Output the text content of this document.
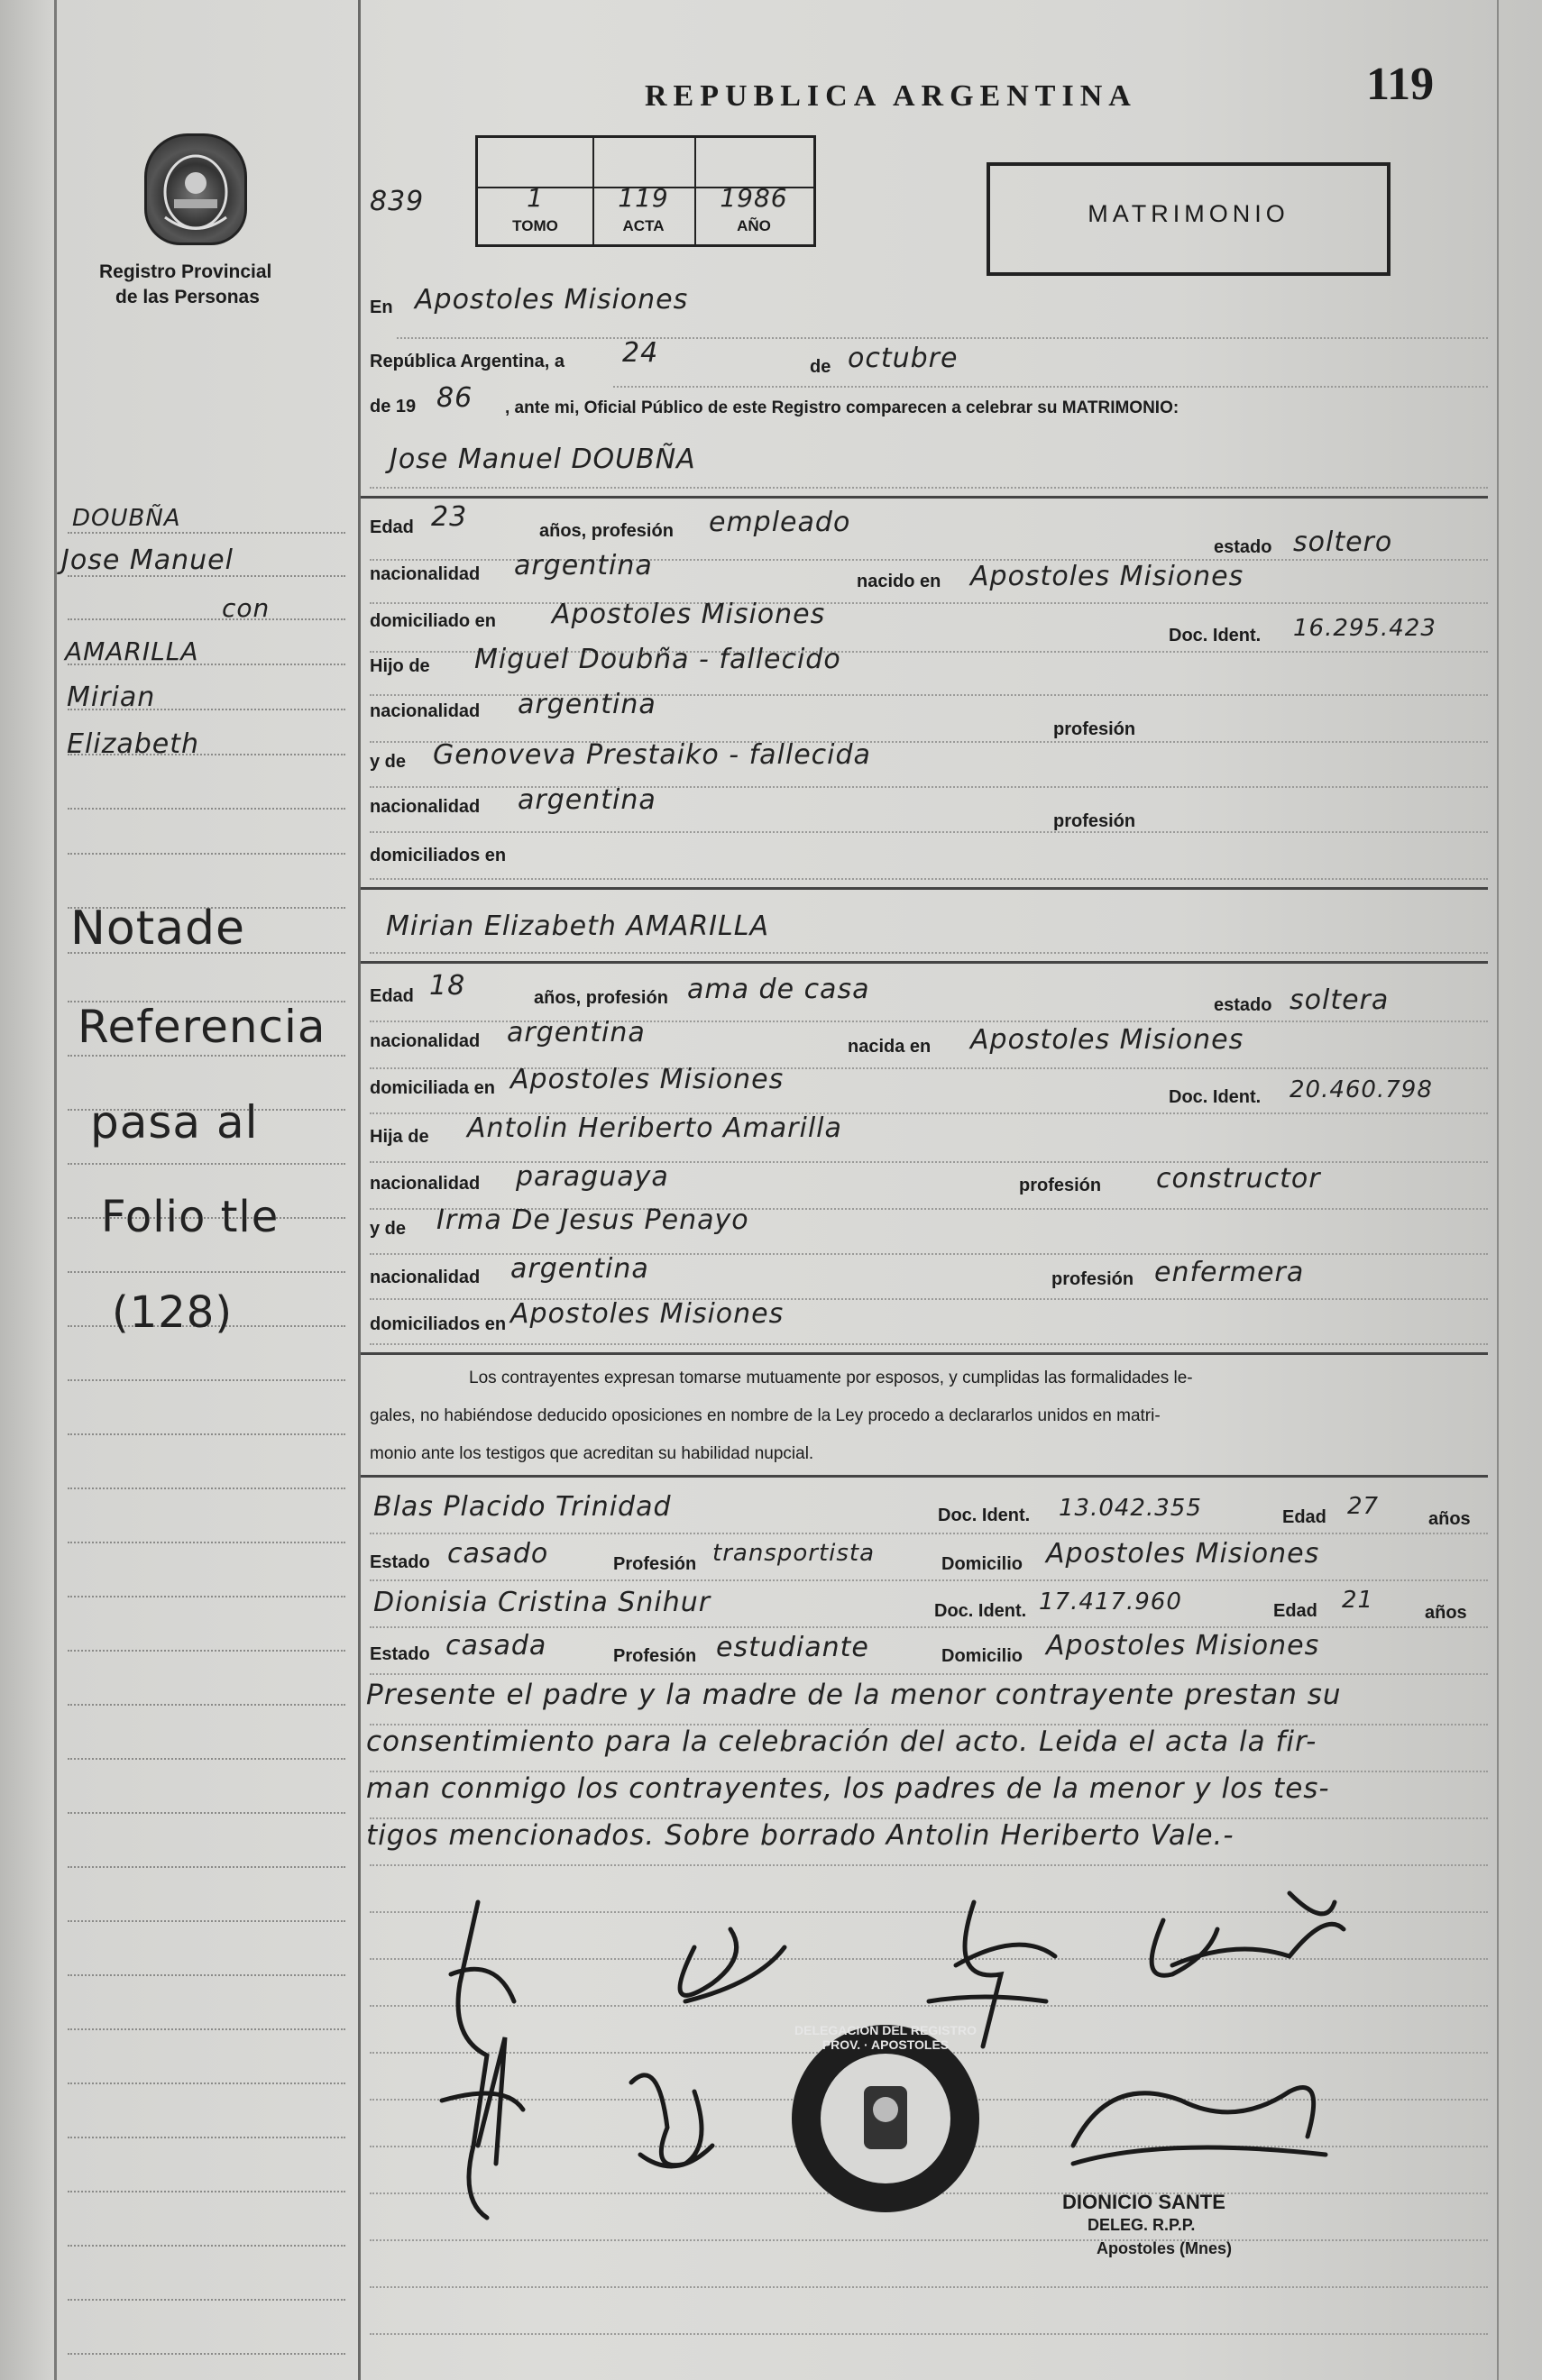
Registro Provincial
de las Personas
DOUBÑA
Jose Manuel
con
AMARILLA
Mirian
Elizabeth
Notade
Referencia
pasa al
Folio tle
(128)
REPUBLICA ARGENTINA	119
839	1	119	1986
TOMO	ACTA	AÑO	MATRIMONIO
En Apostoles Misiones
República Argentina, a 24	de octubre
de 19 86 , ante mi, Oficial Público de este Registro comparecen a celebrar su MATRIMONIO:
Jose Manuel DOUBÑA
Edad 23	años, profesión empleado
estado soltero
nacionalidad argentina	nacido en Apostoles Misiones
domiciliado en Apostoles Misiones
Doc. Ident. 16.295.423
Hijo de Miguel Doubña - fallecido
nacionalidad argentina
profesión
y de Genoveva Prestaiko - fallecida
nacionalidad argentina
profesión
domiciliados en
Mirian Elizabeth AMARILLA
Edad 18	años, profesión ama de casa	estado soltera
nacionalidad argentina	nacida en Apostoles Misiones
domiciliada en Apostoles Misiones
Doc. Ident. 20.460.798
Hija de Antolin Heriberto Amarilla
nacionalidad paraguaya	profesión constructor
y de Irma De Jesus Penayo
nacionalidad argentina	profesión enfermera
domiciliados en Apostoles Misiones
Los contrayentes expresan tomarse mutuamente por esposos, y cumplidas las formalidades le-
gales, no habiéndose deducido oposiciones en nombre de la Ley procedo a declararlos unidos en matri-
monio ante los testigos que acreditan su habilidad nupcial.
Blas Placido Trinidad	Doc. Ident. 13.042.355	Edad 27	años
Estado casado	Profesión transportista	Domicilio Apostoles Misiones
Dionisia Cristina Snihur	Doc. Ident. 17.417.960	Edad 21	años
Estado casada	Profesión estudiante	Domicilio Apostoles Misiones
Presente el padre y la madre de la menor contrayente prestan su
consentimiento para la celebración del acto. Leida el acta la fir-
man conmigo los contrayentes, los padres de la menor y los tes-
tigos mencionados. Sobre borrado Antolin Heriberto Vale.-
DELEGACION DEL REGISTRO PROV. · APOSTOLES
DIONICIO SANTE
DELEG. R.P.P.
Apostoles (Mnes)
